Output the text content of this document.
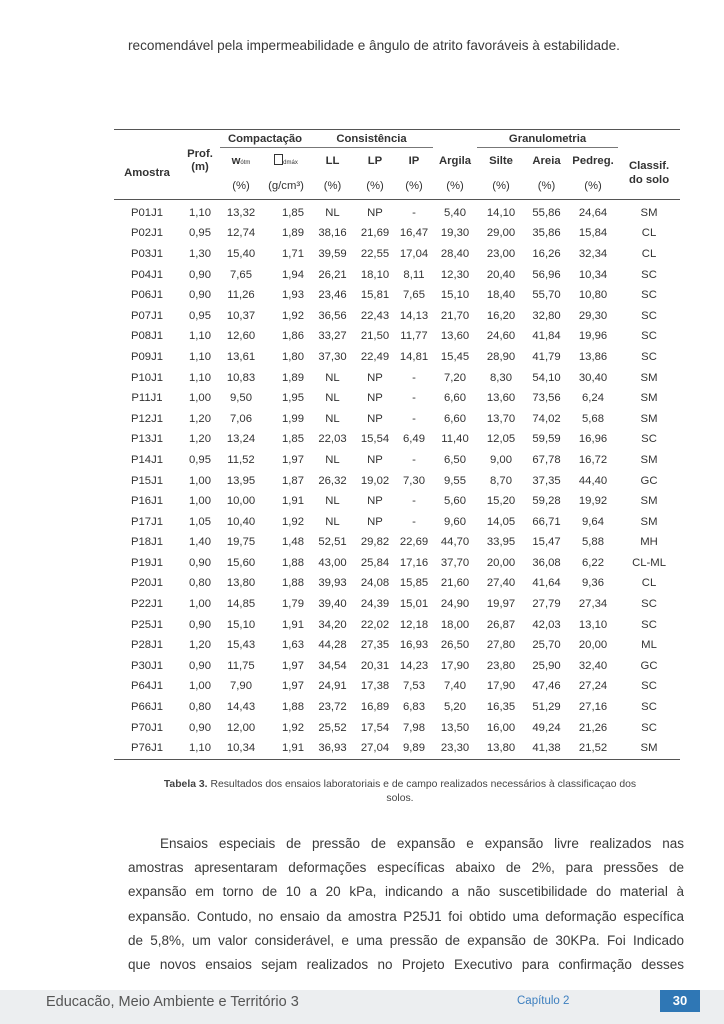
recomendável pela impermeabilidade e ângulo de atrito favoráveis à estabilidade.
		Compactação		Consistência				Granulometria			
Amostra	Prof.
(m)	wótm	dmáx	LL	LP	IP	Argila	Silte	Areia	Pedreg.	Classif.
do solo
		(%)	(g/cm³)	(%)	(%)	(%)	(%)	(%)	(%)	(%)	
P01J1	1,10	13,32	1,85	NL	NP	-	5,40	14,10	55,86	24,64	SM
P02J1	0,95	12,74	1,89	38,16	21,69	16,47	19,30	29,00	35,86	15,84	CL
P03J1	1,30	15,40	1,71	39,59	22,55	17,04	28,40	23,00	16,26	32,34	CL
P04J1	0,90	7,65	1,94	26,21	18,10	8,11	12,30	20,40	56,96	10,34	SC
P06J1	0,90	11,26	1,93	23,46	15,81	7,65	15,10	18,40	55,70	10,80	SC
P07J1	0,95	10,37	1,92	36,56	22,43	14,13	21,70	16,20	32,80	29,30	SC
P08J1	1,10	12,60	1,86	33,27	21,50	11,77	13,60	24,60	41,84	19,96	SC
P09J1	1,10	13,61	1,80	37,30	22,49	14,81	15,45	28,90	41,79	13,86	SC
P10J1	1,10	10,83	1,89	NL	NP	-	7,20	8,30	54,10	30,40	SM
P11J1	1,00	9,50	1,95	NL	NP	-	6,60	13,60	73,56	6,24	SM
P12J1	1,20	7,06	1,99	NL	NP	-	6,60	13,70	74,02	5,68	SM
P13J1	1,20	13,24	1,85	22,03	15,54	6,49	11,40	12,05	59,59	16,96	SC
P14J1	0,95	11,52	1,97	NL	NP	-	6,50	9,00	67,78	16,72	SM
P15J1	1,00	13,95	1,87	26,32	19,02	7,30	9,55	8,70	37,35	44,40	GC
P16J1	1,00	10,00	1,91	NL	NP	-	5,60	15,20	59,28	19,92	SM
P17J1	1,05	10,40	1,92	NL	NP	-	9,60	14,05	66,71	9,64	SM
P18J1	1,40	19,75	1,48	52,51	29,82	22,69	44,70	33,95	15,47	5,88	MH
P19J1	0,90	15,60	1,88	43,00	25,84	17,16	37,70	20,00	36,08	6,22	CL-ML
P20J1	0,80	13,80	1,88	39,93	24,08	15,85	21,60	27,40	41,64	9,36	CL
P22J1	1,00	14,85	1,79	39,40	24,39	15,01	24,90	19,97	27,79	27,34	SC
P25J1	0,90	15,10	1,91	34,20	22,02	12,18	18,00	26,87	42,03	13,10	SC
P28J1	1,20	15,43	1,63	44,28	27,35	16,93	26,50	27,80	25,70	20,00	ML
P30J1	0,90	11,75	1,97	34,54	20,31	14,23	17,90	23,80	25,90	32,40	GC
P64J1	1,00	7,90	1,97	24,91	17,38	7,53	7,40	17,90	47,46	27,24	SC
P66J1	0,80	14,43	1,88	23,72	16,89	6,83	5,20	16,35	51,29	27,16	SC
P70J1	0,90	12,00	1,92	25,52	17,54	7,98	13,50	16,00	49,24	21,26	SC
P76J1	1,10	10,34	1,91	36,93	27,04	9,89	23,30	13,80	41,38	21,52	SM
Tabela 3. Resultados dos ensaios laboratoriais e de campo realizados necessários à classificaçao dos solos.
Ensaios especiais de pressão de expansão e expansão livre realizados nas
amostras apresentaram deformações específicas abaixo de 2%, para pressões de
expansão em torno de 10 a 20 kPa, indicando a não suscetibilidade do material à
expansão. Contudo, no ensaio da amostra P25J1 foi obtido uma deformação específica
de 5,8%, um valor considerável, e uma pressão de expansão de 30KPa. Foi Indicado
que novos ensaios sejam realizados no Projeto Executivo para confirmação desses
Educacão, Meio Ambiente e Território 3	Capítulo 2	30
